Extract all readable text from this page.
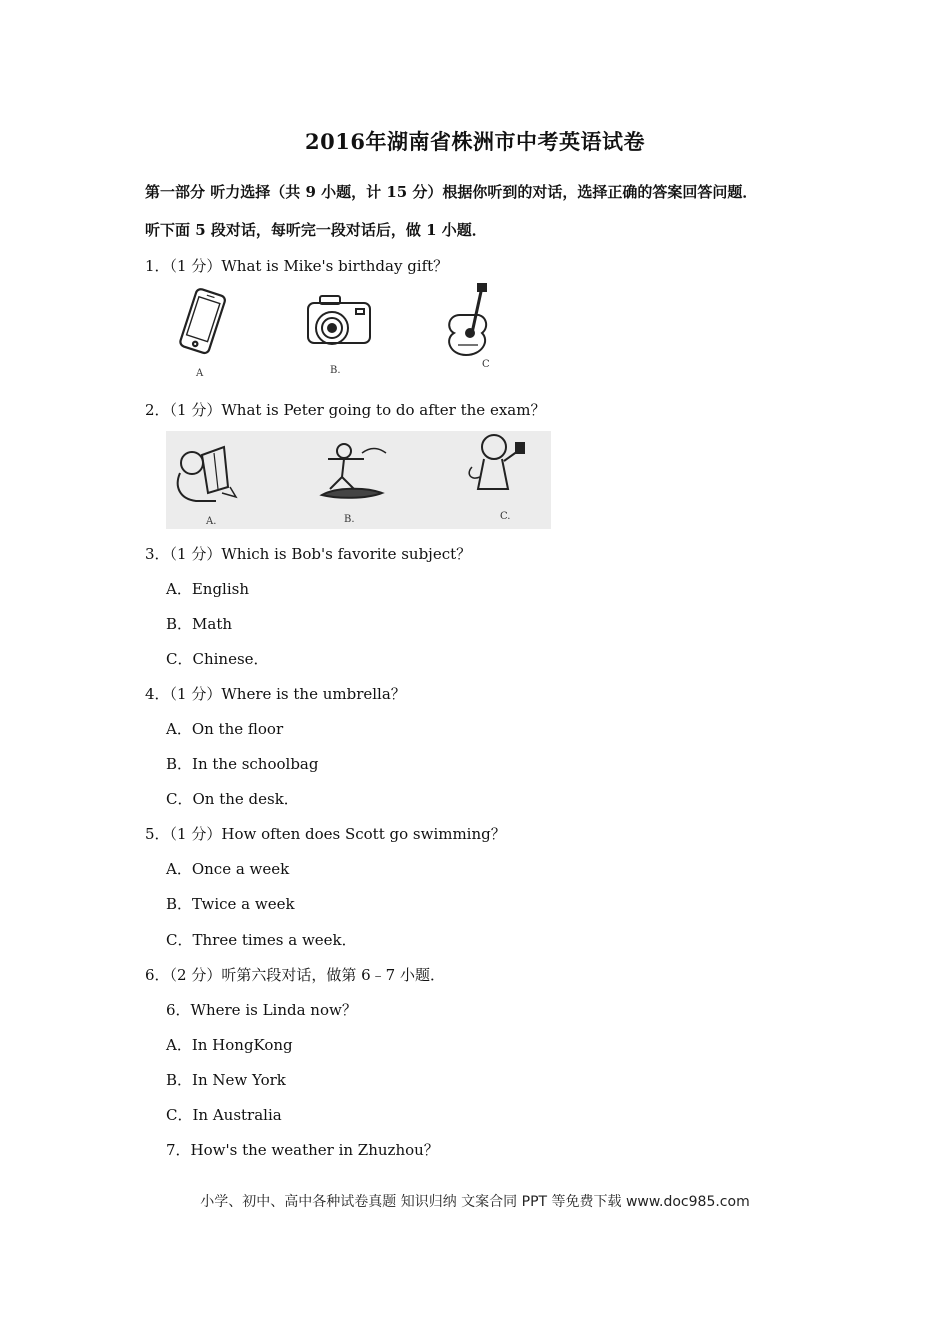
2016年湖南省株洲市中考英语试卷
第一部分 听力选择（共 9 小题，计 15 分）根据你听到的对话，选择正确的答案回答问题．
听下面 5 段对话，每听完一段对话后，做 1 小题．
1．（1 分）What is Mike's birthday gift？
A	B.
C
2．（1 分）What is Peter going to do after the exam？
A.	B.	C.
3．（1 分）Which is Bob's favorite subject？
A．English
B．Math
C．Chinese．
4．（1 分）Where is the umbrella？
A．On the floor
B．In the schoolbag
C．On the desk．
5．（1 分）How often does Scott go swimming？
A．Once a week
B．Twice a week
C．Three times a week．
6．（2 分）听第六段对话，做第 6﹣7 小题．
6．Where is Linda now？
A．In HongKong
B．In New York
C．In Australia
7．How's the weather in Zhuzhou？
小学、初中、高中各种试卷真题 知识归纳 文案合同 PPT 等免费下载 www.doc985.com
